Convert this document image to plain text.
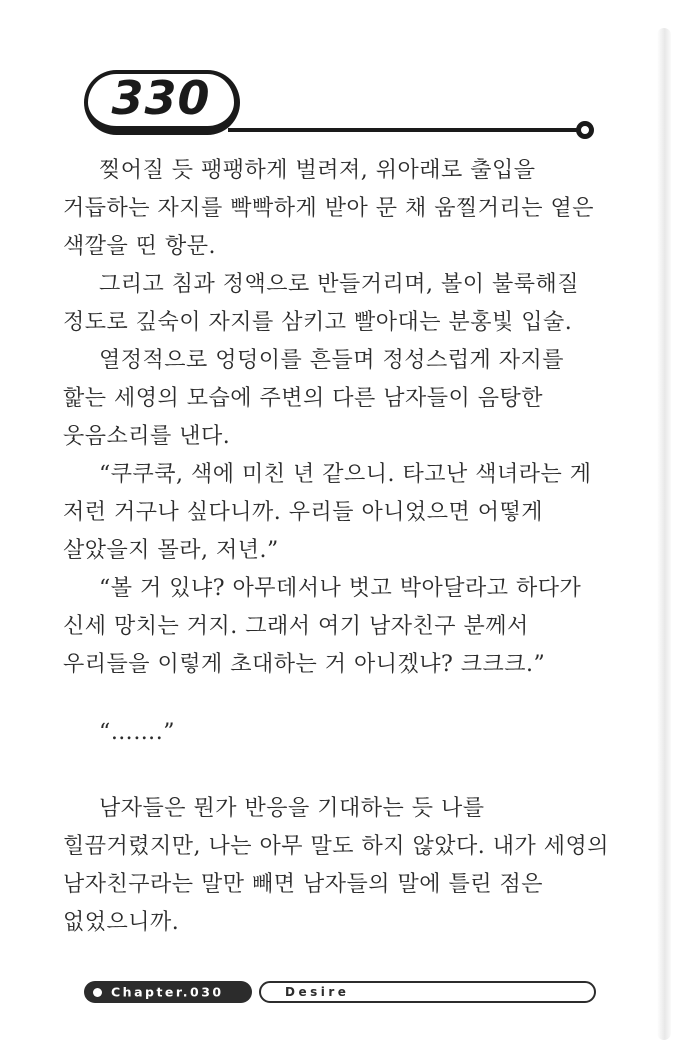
330

찢어질 듯 팽팽하게 벌려져, 위아래로 출입을 거듭하는 자지를 빡빡하게 받아 문 채 움찔거리는 옅은 색깔을 띤 항문.

그리고 침과 정액으로 반들거리며, 볼이 불룩해질 정도로 깊숙이 자지를 삼키고 빨아대는 분홍빛 입술.

열정적으로 엉덩이를 흔들며 정성스럽게 자지를 핥는 세영의 모습에 주변의 다른 남자들이 음탕한 웃음소리를 낸다.

“쿠쿠쿡, 색에 미친 년 같으니. 타고난 색녀라는 게 저런 거구나 싶다니까. 우리들 아니었으면 어떻게 살았을지 몰라, 저년.”

“볼 거 있냐? 아무데서나 벗고 박아달라고 하다가 신세 망치는 거지. 그래서 여기 남자친구 분께서 우리들을 이렇게 초대하는 거 아니겠냐? 크크크.”

“…….”

남자들은 뭔가 반응을 기대하는 듯 나를 힐끔거렸지만, 나는 아무 말도 하지 않았다. 내가 세영의 남자친구라는 말만 빼면 남자들의 말에 틀린 점은 없었으니까.

Chapter.030	Desire
